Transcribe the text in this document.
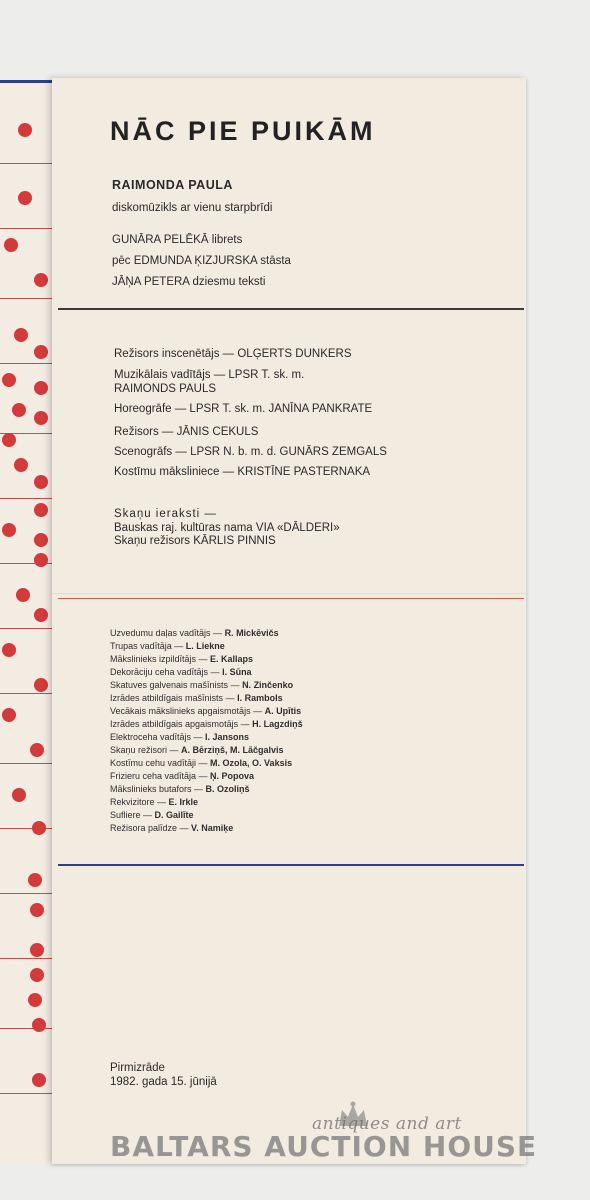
NĀC PIE PUIKĀM
RAIMONDA PAULA
diskomūzikls ar vienu starpbrīdi
GUNĀRA PELĒKĀ librets
pēc EDMUNDA ĶIZJURSKA stāsta
JĀŅA PETERA dziesmu teksti
Režisors inscenētājs — OLĢERTS DUNKERS
Muzikālais vadītājs — LPSR T. sk. m.
RAIMONDS PAULS
Horeogrāfe — LPSR T. sk. m. JANĪNA PANKRATE
Režisors — JĀNIS CEKULS
Scenogrāfs — LPSR N. b. m. d. GUNĀRS ZEMGALS
Kostīmu māksliniece — KRISTĪNE PASTERNAKA
Skaņu ieraksti —
Bauskas raj. kultūras nama VIA «DĀLDERI»
Skaņu režisors KĀRLIS PINNIS
Uzvedumu daļas vadītājs — R. Mickēvičs
Trupas vadītāja — L. Liekne
Mākslinieks izpildītājs — E. Kallaps
Dekorāciju ceha vadītājs — I. Sūna
Skatuves galvenais mašīnists — N. Zinčenko
Izrādes atbildīgais mašīnists — I. Rambols
Vecākais mākslinieks apgaismotājs — A. Upītis
Izrādes atbildīgais apgaismotājs — H. Lagzdiņš
Elektroceha vadītājs — I. Jansons
Skaņu režisori — A. Bērziņš, M. Lāčgalvis
Kostīmu cehu vadītāji — M. Ozola, O. Vaksis
Frizieru ceha vadītāja — Ņ. Popova
Mākslinieks butafors — B. Ozoliņš
Rekvizitore — E. Irkle
Sufliere — D. Gailīte
Režisora palīdze — V. Namiķe
Pirmizrāde
1982. gada 15. jūnijā
antiques and art
BALTARS AUCTION HOUSE
